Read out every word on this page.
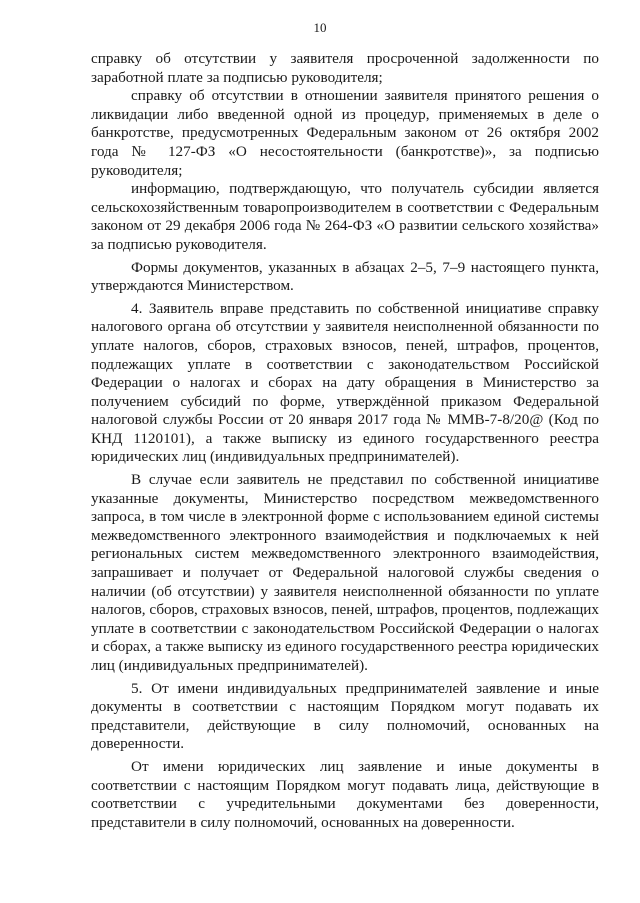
10

справку об отсутствии у заявителя просроченной задолженности по заработной плате за подписью руководителя;

справку об отсутствии в отношении заявителя принятого решения о ликвидации либо введенной одной из процедур, применяемых в деле о банкротстве, предусмотренных Федеральным законом от 26 октября 2002 года № 127-ФЗ «О несостоятельности (банкротстве)», за подписью руководителя;

информацию, подтверждающую, что получатель субсидии является сельскохозяйственным товаропроизводителем в соответствии с Федеральным законом от 29 декабря 2006 года № 264-ФЗ «О развитии сельского хозяйства» за подписью руководителя.

Формы документов, указанных в абзацах 2–5, 7–9 настоящего пункта, утверждаются Министерством.

4. Заявитель вправе представить по собственной инициативе справку налогового органа об отсутствии у заявителя неисполненной обязанности по уплате налогов, сборов, страховых взносов, пеней, штрафов, процентов, подлежащих уплате в соответствии с законодательством Российской Федерации о налогах и сборах на дату обращения в Министерство за получением субсидий по форме, утверждённой приказом Федеральной налоговой службы России от 20 января 2017 года № ММВ-7-8/20@ (Код по КНД 1120101), а также выписку из единого государственного реестра юридических лиц (индивидуальных предпринимателей).

В случае если заявитель не представил по собственной инициативе указанные документы, Министерство посредством межведомственного запроса, в том числе в электронной форме с использованием единой системы межведомственного электронного взаимодействия и подключаемых к ней региональных систем межведомственного электронного взаимодействия, запрашивает и получает от Федеральной налоговой службы сведения о наличии (об отсутствии) у заявителя неисполненной обязанности по уплате налогов, сборов, страховых взносов, пеней, штрафов, процентов, подлежащих уплате в соответствии с законодательством Российской Федерации о налогах и сборах, а также выписку из единого государственного реестра юридических лиц (индивидуальных предпринимателей).

5. От имени индивидуальных предпринимателей заявление и иные документы в соответствии с настоящим Порядком могут подавать их представители, действующие в силу полномочий, основанных на доверенности.

От имени юридических лиц заявление и иные документы в соответствии с настоящим Порядком могут подавать лица, действующие в соответствии с учредительными документами без доверенности, представители в силу полномочий, основанных на доверенности.
